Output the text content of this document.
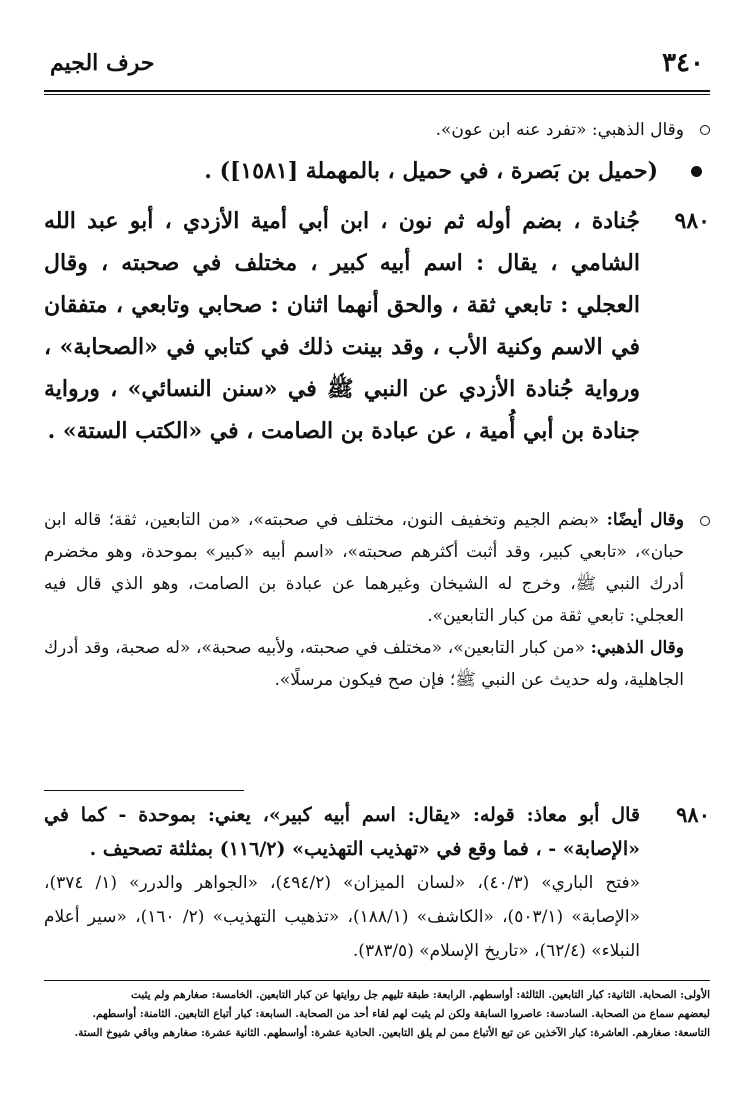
٣٤٠
حرف الجيم
وقال الذهبي: «تفرد عنه ابن عون».
(حميل بن بَصرة ، في حميل ، بالمهملة [١٥٨١]) .
٩٨٠
جُنادة ، بضم أوله ثم نون ، ابن أبي أمية الأزدي ، أبو عبد الله الشامي ، يقال : اسم أبيه كبير ، مختلف في صحبته ، وقال العجلي : تابعي ثقة ، والحق أنهما اثنان : صحابي وتابعي ، متفقان في الاسم وكنية الأب ، وقد بينت ذلك في كتابي في «الصحابة» ، ورواية جُنادة الأزدي عن النبي ﷺ في «سنن النسائي» ، ورواية جنادة بن أبي أُمية ، عن عبادة بن الصامت ، في «الكتب الستة» .
وقال أيضًا: «بضم الجيم وتخفيف النون، مختلف في صحبته»، «من التابعين، ثقة؛ قاله ابن حبان»، «تابعي كبير، وقد أثبت أكثرهم صحبته»، «اسم أبيه «كبير» بموحدة، وهو مخضرم أدرك النبي ﷺ، وخرج له الشيخان وغيرهما عن عبادة بن الصامت، وهو الذي قال فيه العجلي: تابعي ثقة من كبار التابعين».
وقال الذهبي: «من كبار التابعين»، «مختلف في صحبته، ولأبيه صحبة»، «له صحبة، وقد أدرك الجاهلية، وله حديث عن النبي ﷺ؛ فإن صح فيكون مرسلًا».
٩٨٠
قال أبو معاذ: قوله: «يقال: اسم أبيه كبير»، يعني: بموحدة - كما في «الإصابة» - ، فما وقع في «تهذيب التهذيب» (١١٦/٢) بمثلثة تصحيف .
«فتح الباري» (٤٠/٣)، «لسان الميزان» (٤٩٤/٢)، «الجواهر والدرر» (١/ ٣٧٤)، «الإصابة» (٥٠٣/١)، «الكاشف» (١٨٨/١)، «تذهيب التهذيب» (٢/ ١٦٠)، «سير أعلام النبلاء» (٦٢/٤)، «تاريخ الإسلام» (٣٨٣/٥).
الأولى: الصحابة. الثانية: كبار التابعين. الثالثة: أواسطهم. الرابعة: طبقة تليهم جل روايتها عن كبار التابعين. الخامسة: صغارهم ولم يثبت
لبعضهم سماع من الصحابة. السادسة: عاصروا السابقة ولكن لم يثبت لهم لقاء أحد من الصحابة. السابعة: كبار أتباع التابعين. الثامنة: أواسطهم.
التاسعة: صغارهم. العاشرة: كبار الآخذين عن تبع الأتباع ممن لم يلق التابعين. الحادية عشرة: أواسطهم. الثانية عشرة: صغارهم وباقي شيوخ الستة.
